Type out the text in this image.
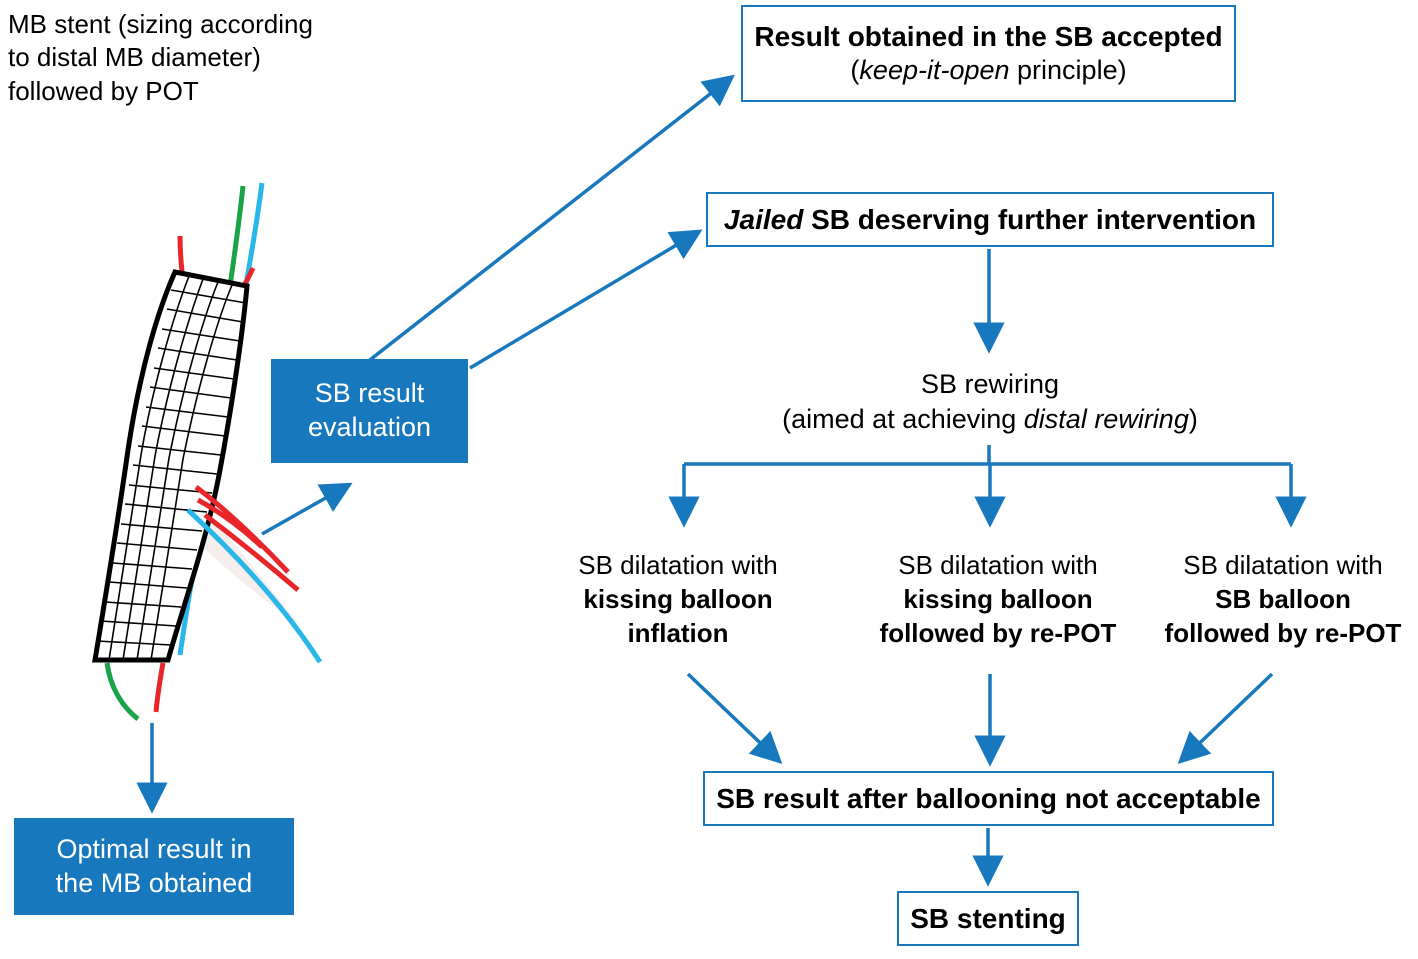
MB stent (sizing according
to distal MB diameter)
followed by POT
SB result
evaluation
Optimal result in
the MB obtained
Result obtained in the SB accepted
(keep-it-open principle)
Jailed SB deserving further intervention
SB rewiring
(aimed at achieving distal rewiring)
SB dilatation with
kissing balloon
inflation
SB dilatation with
kissing balloon
followed by re-POT
SB dilatation with
SB balloon
followed by re-POT
SB result after ballooning not acceptable
SB stenting
